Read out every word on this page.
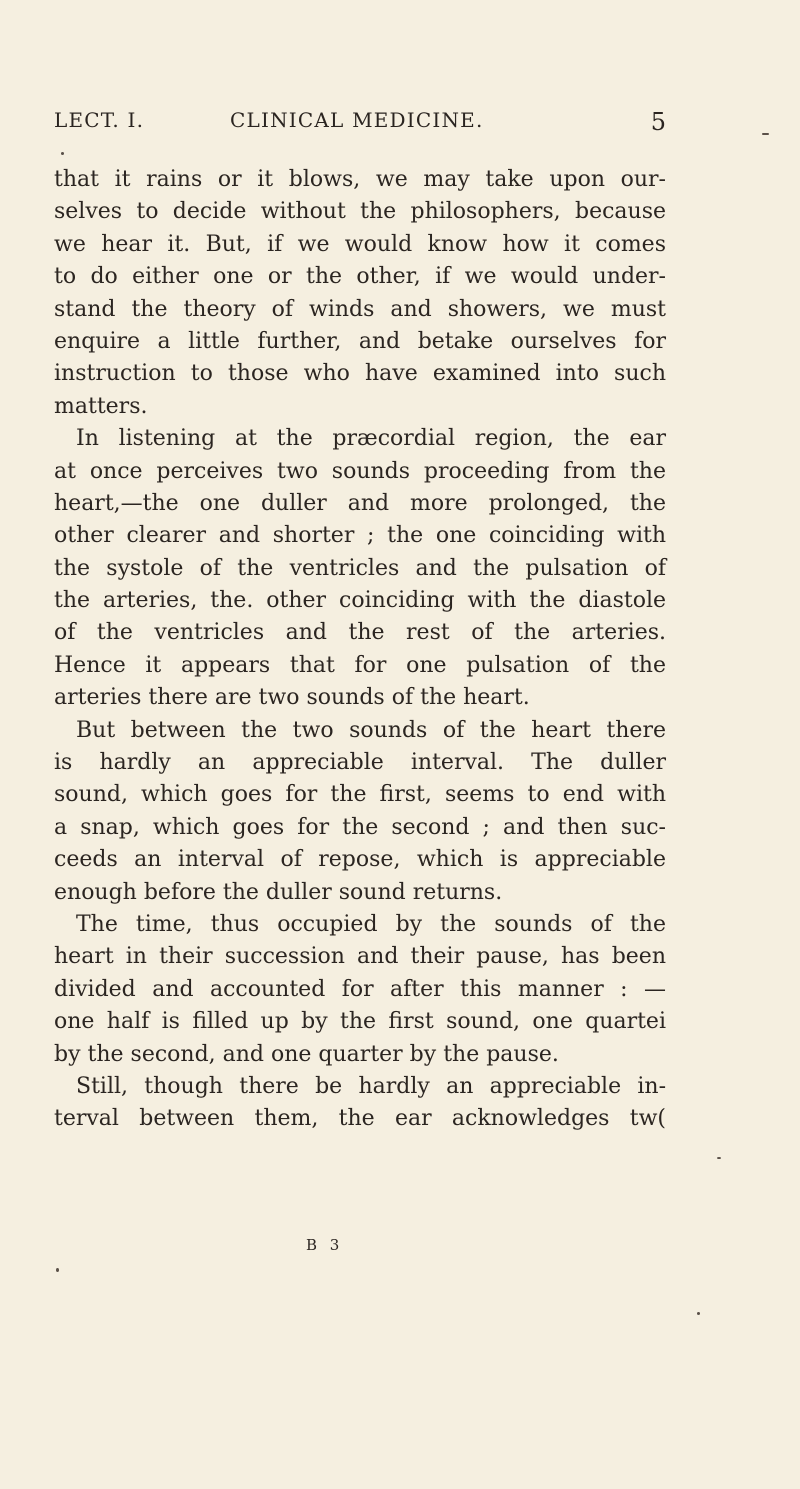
LECT. I.	CLINICAL MEDICINE.	5
that it rains or it blows, we may take upon our-
selves to decide without the philosophers, because
we hear it. But, if we would know how it comes
to do either one or the other, if we would under-
stand the theory of winds and showers, we must
enquire a little further, and betake ourselves for
instruction to those who have examined into such
matters.
In listening at the præcordial region, the ear
at once perceives two sounds proceeding from the
heart,—the one duller and more prolonged, the
other clearer and shorter ; the one coinciding with
the systole of the ventricles and the pulsation of
the arteries, the. other coinciding with the diastole
of the ventricles and the rest of the arteries.
Hence it appears that for one pulsation of the
arteries there are two sounds of the heart.
But between the two sounds of the heart there
is hardly an appreciable interval. The duller
sound, which goes for the first, seems to end with
a snap, which goes for the second ; and then suc-
ceeds an interval of repose, which is appreciable
enough before the duller sound returns.
The time, thus occupied by the sounds of the
heart in their succession and their pause, has been
divided and accounted for after this manner : —
one half is filled up by the first sound, one quartei
by the second, and one quarter by the pause.
Still, though there be hardly an appreciable in-
terval between them, the ear acknowledges tw(
B 3
